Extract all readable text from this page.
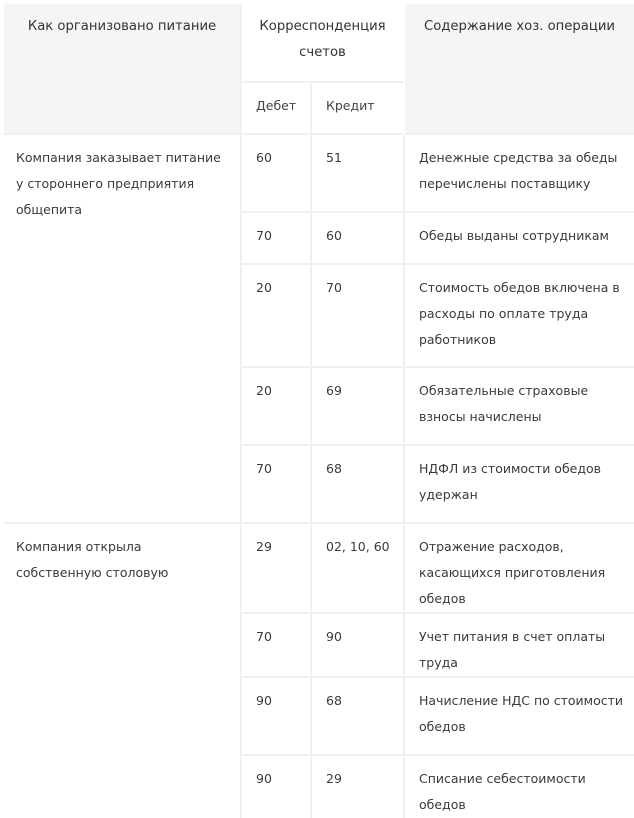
Как организовано питание	Корреспонденция счетов		Содержание хоз. операции
	Дебет	Кредит	
Компания заказывает питание у стороннего предприятия общепита	60	51	Денежные средства за обеды перечислены поставщику
	70	60	Обеды выданы сотрудникам
	20	70	Стоимость обедов включена в расходы по оплате труда работников
	20	69	Обязательные страховые взносы начислены
	70	68	НДФЛ из стоимости обедов удержан
Компания открыла собственную столовую	29	02, 10, 60	Отражение расходов, касающихся приготовления обедов
	70	90	Учет питания в счет оплаты труда
	90	68	Начисление НДС по стоимости обедов
	90	29	Списание себестоимости обедов
